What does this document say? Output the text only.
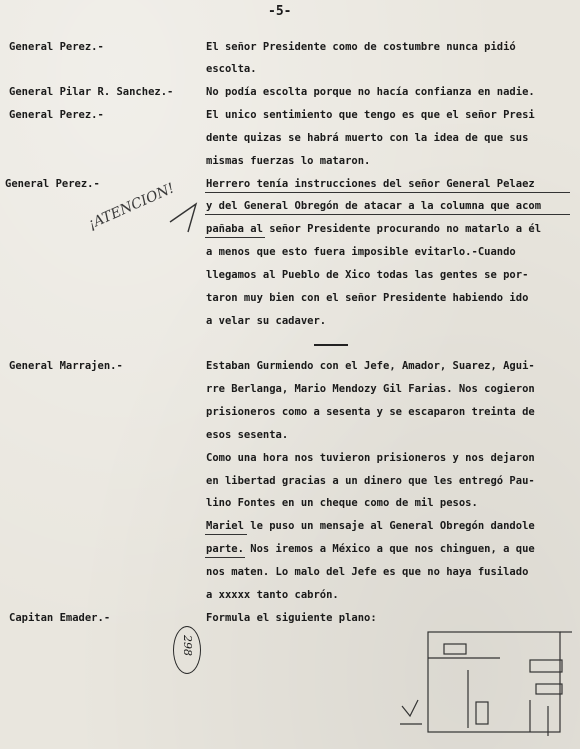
-5-
General Perez.-
General Pilar R. Sanchez.-
General Perez.-
General Perez.-
General Marrajen.-
Capitan Emader.-
El señor Presidente como de costumbre nunca pidió
escolta.
No podía escolta porque no hacía confianza en nadie.
El unico sentimiento que tengo es que el señor Presi
dente quizas se habrá muerto con la idea de que sus
mismas fuerzas lo mataron.
Herrero tenía instrucciones del señor General Pelaez
y del General Obregón de atacar a la columna que acom
pañaba al señor Presidente procurando no matarlo a él
a menos que esto fuera imposible evitarlo.-Cuando
llegamos al Pueblo de Xico todas las gentes se por-
taron muy bien con el señor Presidente habiendo ido
a velar su cadaver.
Estaban Gurmiendo con el Jefe, Amador, Suarez, Agui-
rre Berlanga, Mario Mendozy Gil Farias. Nos cogieron
prisioneros como a sesenta y se escaparon treinta de
esos sesenta.
Como una hora nos tuvieron prisioneros y nos dejaron
en libertad gracias a un dinero que les entregó Pau-
lino Fontes en un cheque como de mil pesos.
Mariel le puso un mensaje al General Obregón dandole
parte. Nos iremos a México a que nos chinguen, a que
nos maten. Lo malo del Jefe es que no haya fusilado
a xxxxx tanto cabrón.
Formula el siguiente plano:
¡ATENCION!
298
